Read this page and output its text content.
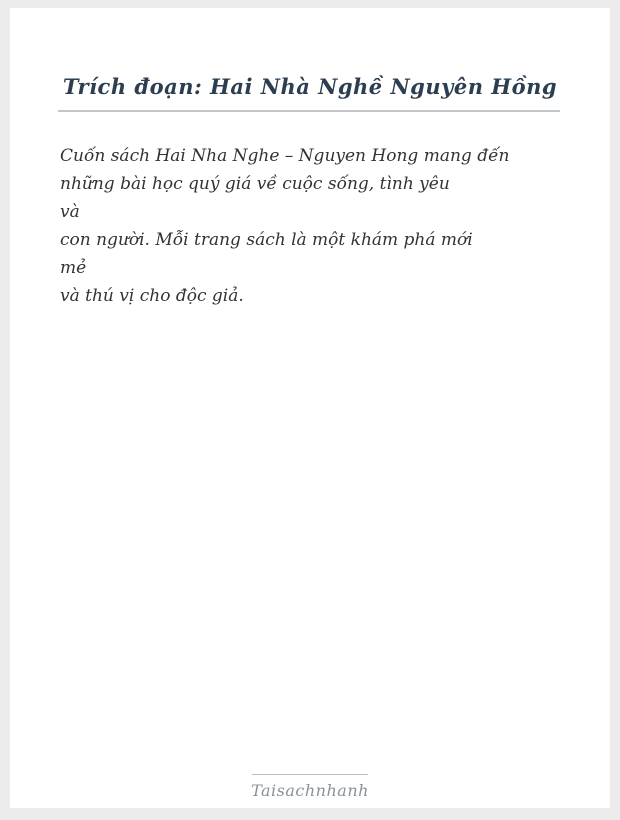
Trích đoạn: Hai Nhà Nghề Nguyên Hồng
Cuốn sách Hai Nha Nghe – Nguyen Hong mang đến
những bài học quý giá về cuộc sống, tình yêu
và
con người. Mỗi trang sách là một khám phá mới
mẻ
và thú vị cho độc giả.
Taisachnhanh
